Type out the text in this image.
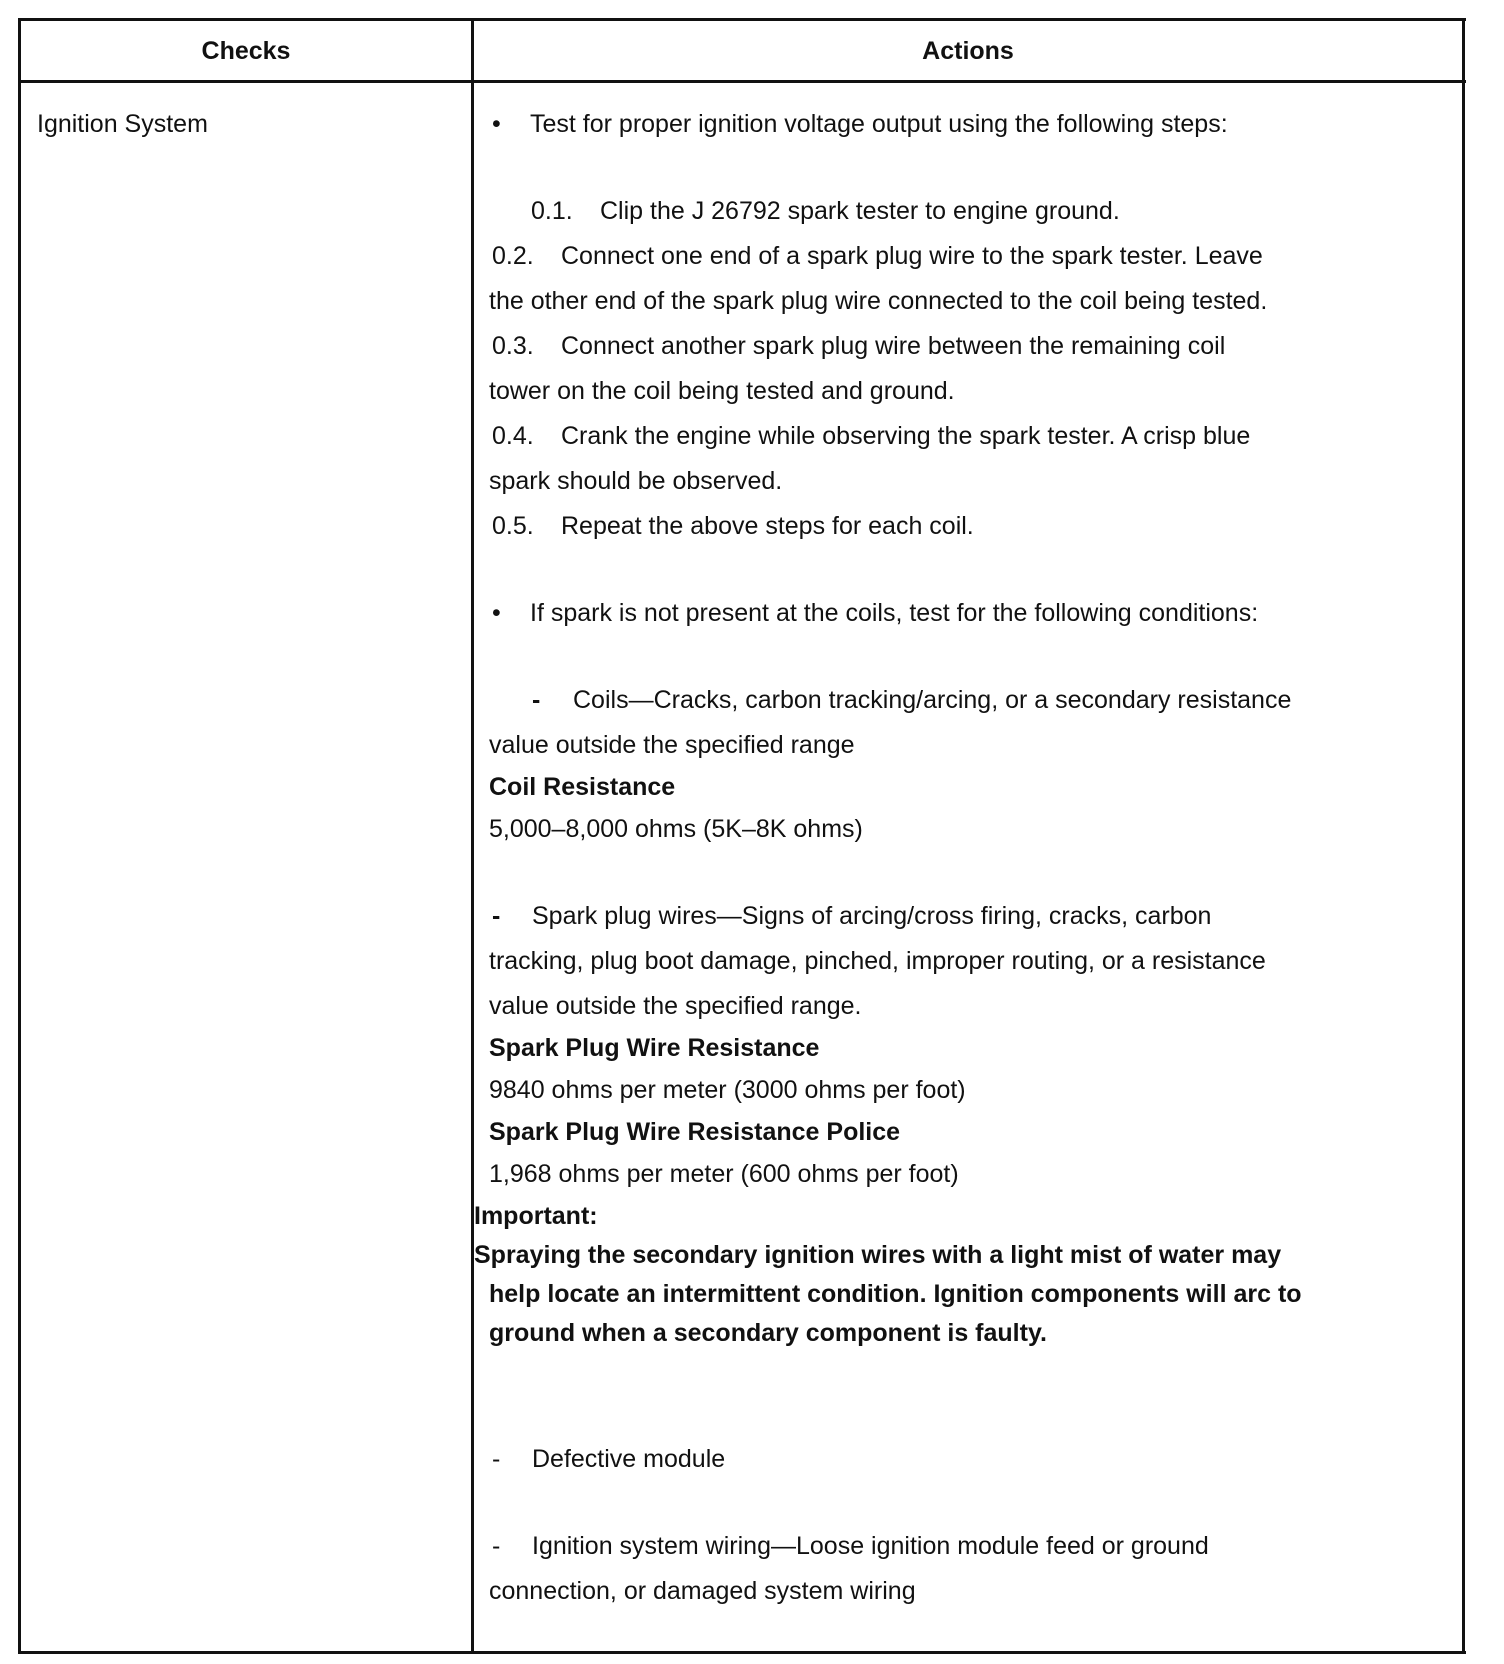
Checks	Actions
Ignition System	• Test for proper ignition voltage output using the following steps:
0.1. Clip the J 26792 spark tester to engine ground.
0.2. Connect one end of a spark plug wire to the spark tester. Leave
the other end of the spark plug wire connected to the coil being tested.
0.3. Connect another spark plug wire between the remaining coil
tower on the coil being tested and ground.
0.4. Crank the engine while observing the spark tester. A crisp blue
spark should be observed.
0.5. Repeat the above steps for each coil.
• If spark is not present at the coils, test for the following conditions:
- Coils—Cracks, carbon tracking/arcing, or a secondary resistance
value outside the specified range
Coil Resistance
5,000–8,000 ohms (5K–8K ohms)
- Spark plug wires—Signs of arcing/cross firing, cracks, carbon
tracking, plug boot damage, pinched, improper routing, or a resistance
value outside the specified range.
Spark Plug Wire Resistance
9840 ohms per meter (3000 ohms per foot)
Spark Plug Wire Resistance Police
1,968 ohms per meter (600 ohms per foot)
Important:
Spraying the secondary ignition wires with a light mist of water may
help locate an intermittent condition. Ignition components will arc to
ground when a secondary component is faulty.
- Defective module
- Ignition system wiring—Loose ignition module feed or ground
connection, or damaged system wiring
